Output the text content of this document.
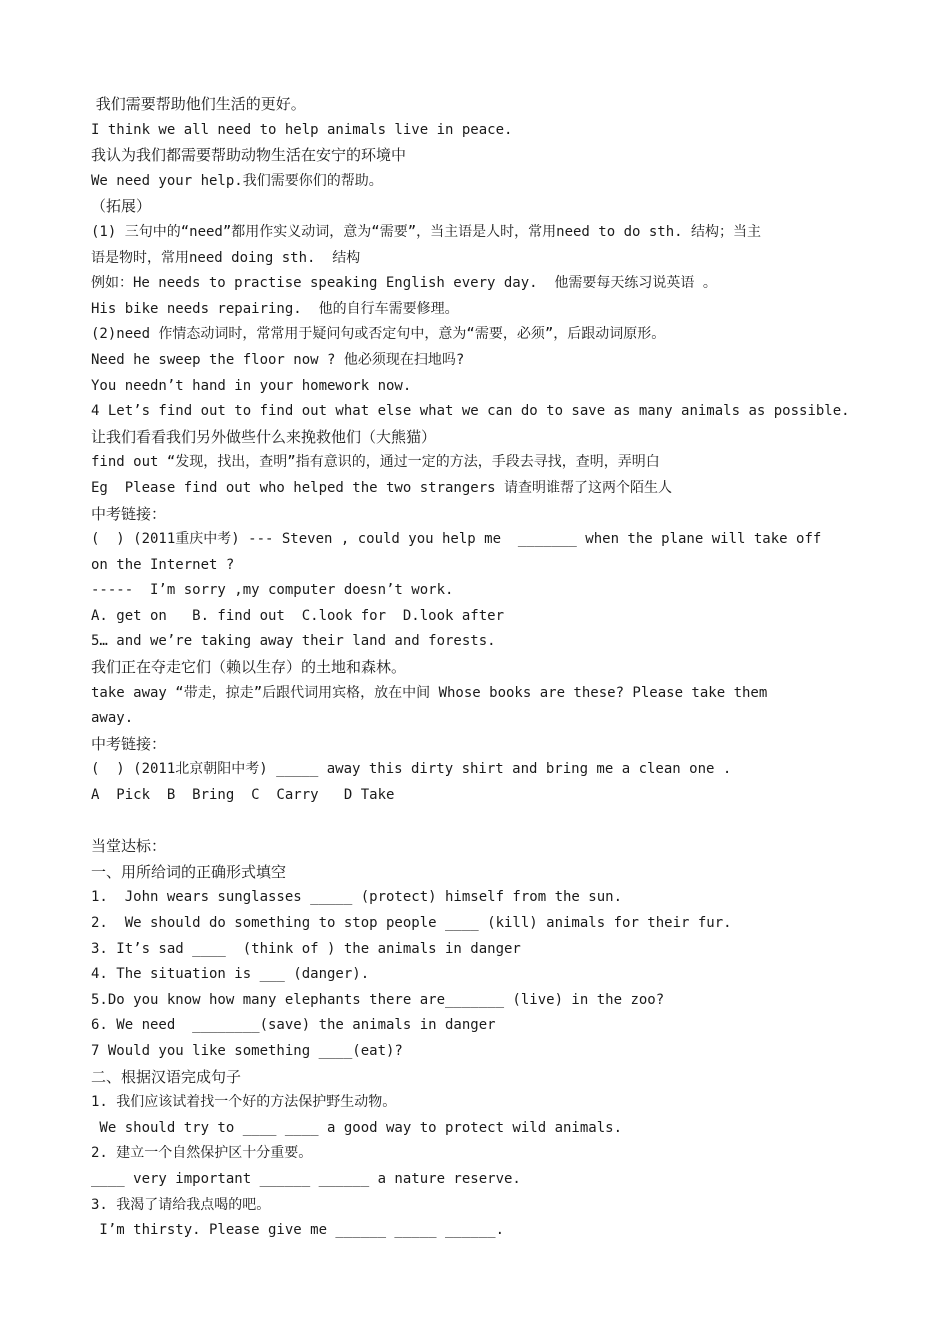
我们需要帮助他们生活的更好。
I think we all need to help animals live in peace.
我认为我们都需要帮助动物生活在安宁的环境中
We need your help.我们需要你们的帮助。
（拓展）
(1) 三句中的“need”都用作实义动词，意为“需要”，当主语是人时，常用need to do sth. 结构；当主
语是物时，常用need doing sth.  结构
例如：He needs to practise speaking English every day.  他需要每天练习说英语 。
His bike needs repairing.  他的自行车需要修理。
(2)need 作情态动词时，常常用于疑问句或否定句中，意为“需要，必须”，后跟动词原形。
Need he sweep the floor now ? 他必须现在扫地吗?
You needn’t hand in your homework now.
4 Let’s find out to find out what else what we can do to save as many animals as possible.
让我们看看我们另外做些什么来挽救他们（大熊猫）
find out “发现，找出，查明”指有意识的，通过一定的方法，手段去寻找，查明，弄明白
Eg  Please find out who helped the two strangers 请查明谁帮了这两个陌生人
中考链接：
(  ) (2011重庆中考) --- Steven , could you help me  _______ when the plane will take off
on the Internet ?
-----  I’m sorry ,my computer doesn’t work.
A. get on   B. find out  C.look for  D.look after
5… and we’re taking away their land and forests.
我们正在夺走它们（赖以生存）的土地和森林。
take away “带走，掠走”后跟代词用宾格，放在中间 Whose books are these? Please take them
away.
中考链接：
(  ) (2011北京朝阳中考) _____ away this dirty shirt and bring me a clean one .
A  Pick  B  Bring  C  Carry   D Take
当堂达标：
一、用所给词的正确形式填空
1.  John wears sunglasses _____ (protect) himself from the sun.
2.  We should do something to stop people ____ (kill) animals for their fur.
3. It’s sad ____  (think of ) the animals in danger
4. The situation is ___ (danger).
5.Do you know how many elephants there are_______ (live) in the zoo?
6. We need  ________(save) the animals in danger
7 Would you like something ____(eat)?
二、根据汉语完成句子
1. 我们应该试着找一个好的方法保护野生动物。
We should try to ____ ____ a good way to protect wild animals.
2. 建立一个自然保护区十分重要。
____ very important ______ ______ a nature reserve.
3. 我渴了请给我点喝的吧。
I’m thirsty. Please give me ______ _____ ______.
